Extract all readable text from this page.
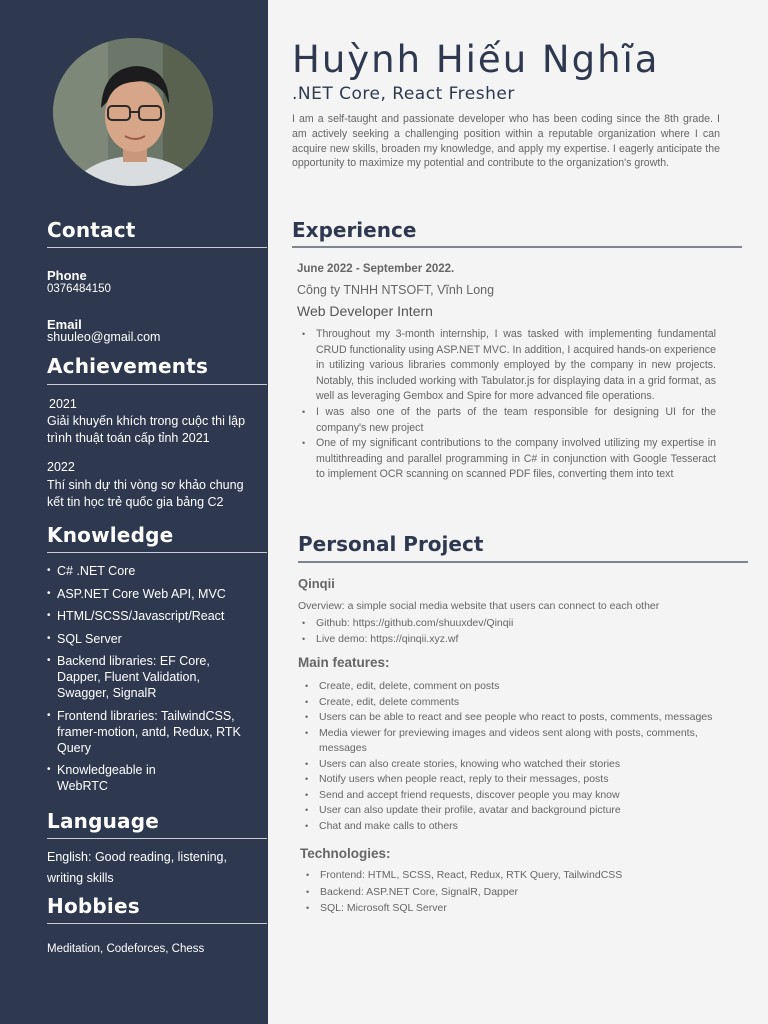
Contact
Phone
0376484150
Email
shuuleo@gmail.com
Achievements
2021
Giải khuyến khích trong cuộc thi lập trình thuật toán cấp tỉnh 2021
2022
Thí sinh dự thi vòng sơ khảo chung kết tin học trẻ quốc gia bảng C2
Knowledge
• C# .NET Core
• ASP.NET Core Web API, MVC
• HTML/SCSS/Javascript/React
• SQL Server
• Backend libraries: EF Core, Dapper, Fluent Validation, Swagger, SignalR
• Frontend libraries: TailwindCSS, framer-motion, antd, Redux, RTK Query
• Knowledgeable in WebRTC
Language
English: Good reading, listening, writing skills
Hobbies
Meditation, Codeforces, Chess
Huỳnh Hiếu Nghĩa
.NET Core, React Fresher
I am a self-taught and passionate developer who has been coding since the 8th grade. I am actively seeking a challenging position within a reputable organization where I can acquire new skills, broaden my knowledge, and apply my expertise. I eagerly anticipate the opportunity to maximize my potential and contribute to the organization's growth.
Experience
June 2022 - September 2022.
Công ty TNHH NTSOFT, Vĩnh Long
Web Developer Intern
• Throughout my 3-month internship, I was tasked with implementing fundamental CRUD functionality using ASP.NET MVC. In addition, I acquired hands-on experience in utilizing various libraries commonly employed by the company in new projects. Notably, this included working with Tabulator.js for displaying data in a grid format, as well as leveraging Gembox and Spire for more advanced file operations.
• I was also one of the parts of the team responsible for designing UI for the company's new project
• One of my significant contributions to the company involved utilizing my expertise in multithreading and parallel programming in C# in conjunction with Google Tesseract to implement OCR scanning on scanned PDF files, converting them into text
Personal Project
Qinqii
Overview: a simple social media website that users can connect to each other
• Github: https://github.com/shuuxdev/Qinqii
• Live demo: https://qinqii.xyz.wf
Main features:
• Create, edit, delete, comment on posts
• Create, edit, delete comments
• Users can be able to react and see people who react to posts, comments, messages
• Media viewer for previewing images and videos sent along with posts, comments, messages
• Users can also create stories, knowing who watched their stories
• Notify users when people react, reply to their messages, posts
• Send and accept friend requests, discover people you may know
• User can also update their profile, avatar and background picture
• Chat and make calls to others
Technologies:
• Frontend: HTML, SCSS, React, Redux, RTK Query, TailwindCSS
• Backend: ASP.NET Core, SignalR, Dapper
• SQL: Microsoft SQL Server
